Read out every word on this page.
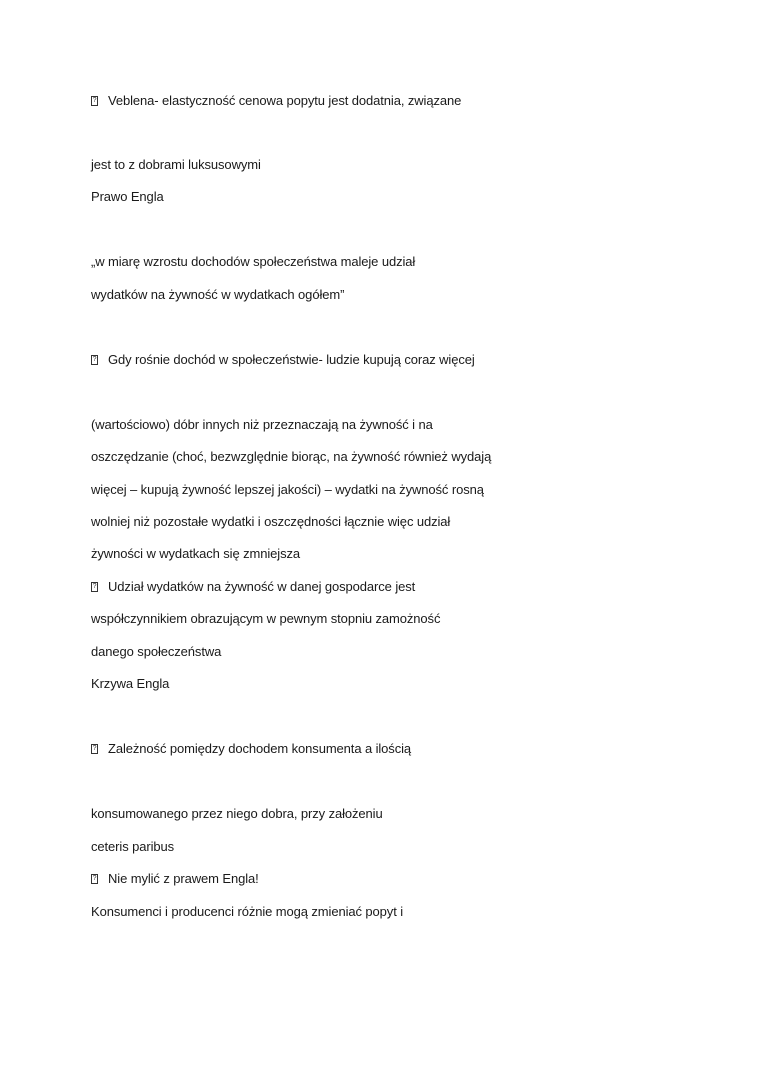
?
Veblena- elastyczność cenowa popytu jest dodatnia, związane
jest to z dobrami luksusowymi
Prawo Engla
„w miarę wzrostu dochodów społeczeństwa maleje udział
wydatków na żywność w wydatkach ogółem”
?
Gdy rośnie dochód w społeczeństwie- ludzie kupują coraz więcej
(wartościowo) dóbr innych niż przeznaczają na żywność i na
oszczędzanie (choć, bezwzględnie biorąc, na żywność również wydają
więcej – kupują żywność lepszej jakości) – wydatki na żywność rosną
wolniej niż pozostałe wydatki i oszczędności łącznie więc udział
żywności w wydatkach się zmniejsza
?
Udział wydatków na żywność w danej gospodarce jest
współczynnikiem obrazującym w pewnym stopniu zamożność
danego społeczeństwa
Krzywa Engla
?
Zależność pomiędzy dochodem konsumenta a ilością
konsumowanego przez niego dobra, przy założeniu
ceteris paribus
?
Nie mylić z prawem Engla!
Konsumenci i producenci różnie mogą zmieniać popyt i
